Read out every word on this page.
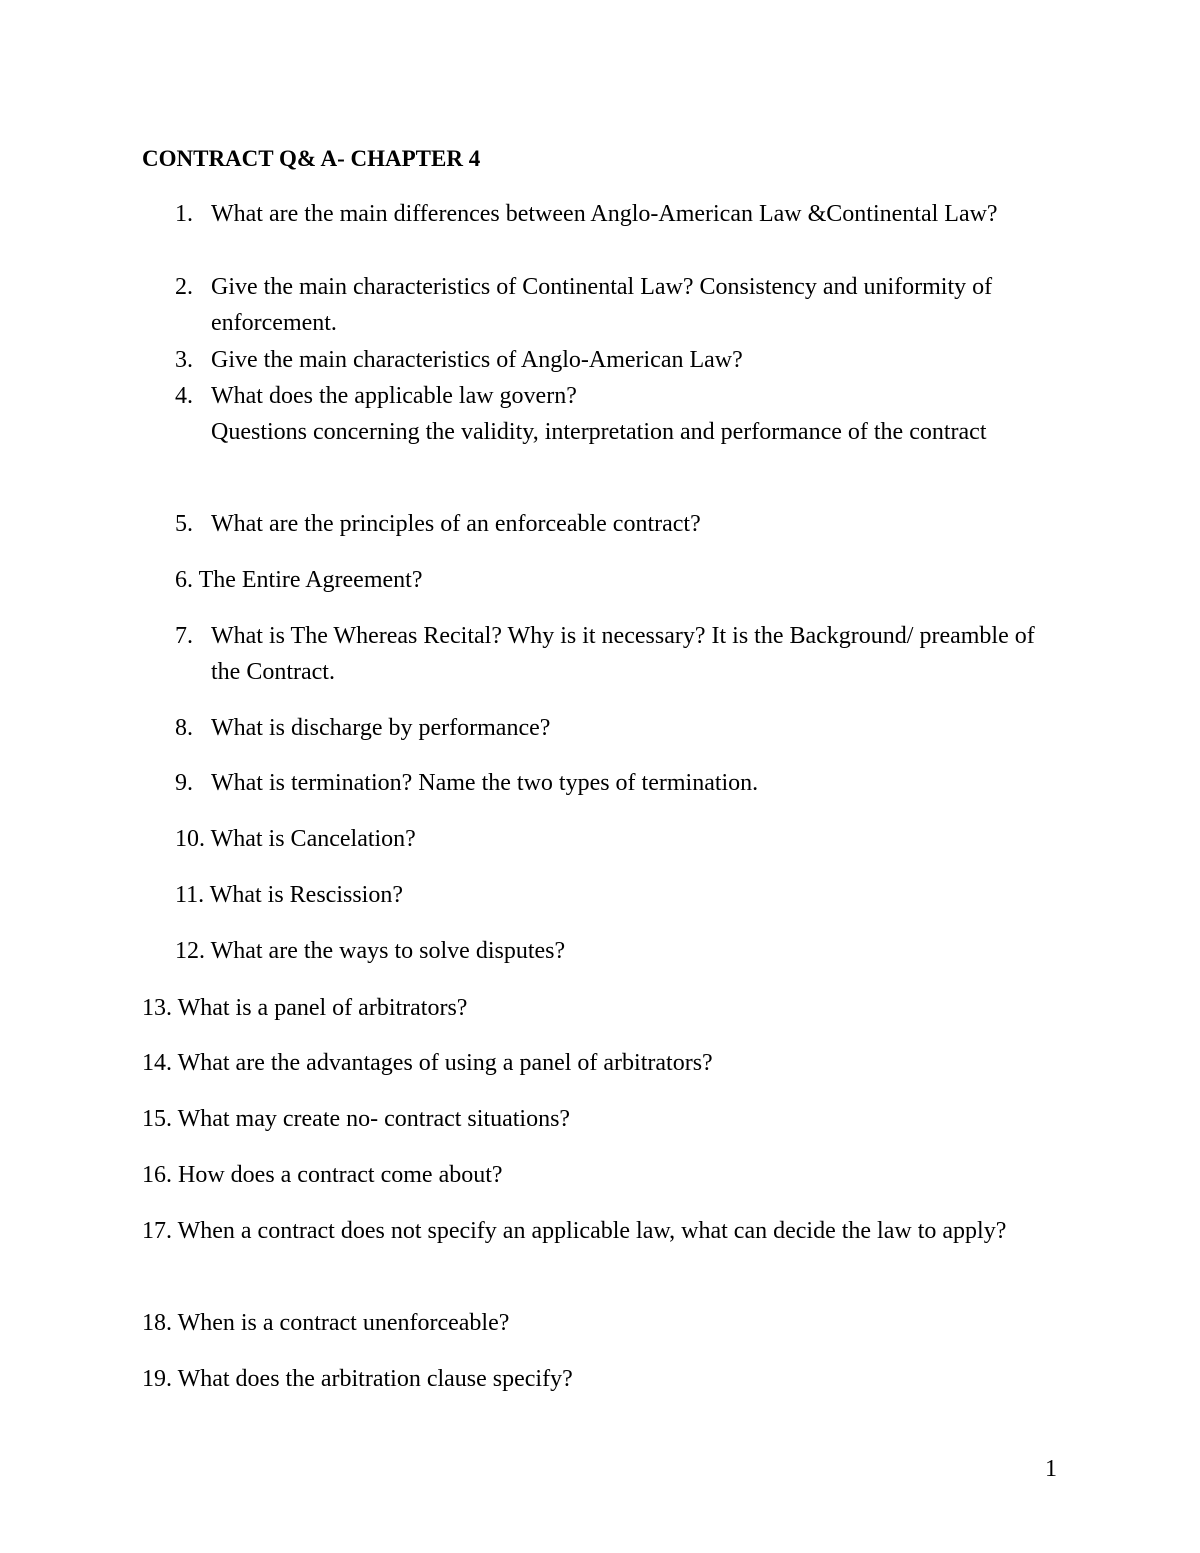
CONTRACT Q& A- CHAPTER 4
1. What are the main differences between Anglo-American Law &Continental Law?
2. Give the main characteristics of Continental Law? Consistency and uniformity of enforcement.
3. Give the main characteristics of Anglo-American Law?
4. What does the applicable law govern?
Questions concerning the validity, interpretation and performance of the contract
5. What are the principles of an enforceable contract?
6. The Entire Agreement?
7. What is The Whereas Recital? Why is it necessary? It is the Background/ preamble of the Contract.
8. What is discharge by performance?
9. What is termination? Name the two types of termination.
10. What is Cancelation?
11. What is Rescission?
12. What are the ways to solve disputes?
13. What is a panel of arbitrators?
14. What are the advantages of using a panel of arbitrators?
15. What may create no- contract situations?
16. How does a contract come about?
17. When a contract does not specify an applicable law, what can decide the law to apply?
18. When is a contract unenforceable?
19. What does the arbitration clause specify?
1
